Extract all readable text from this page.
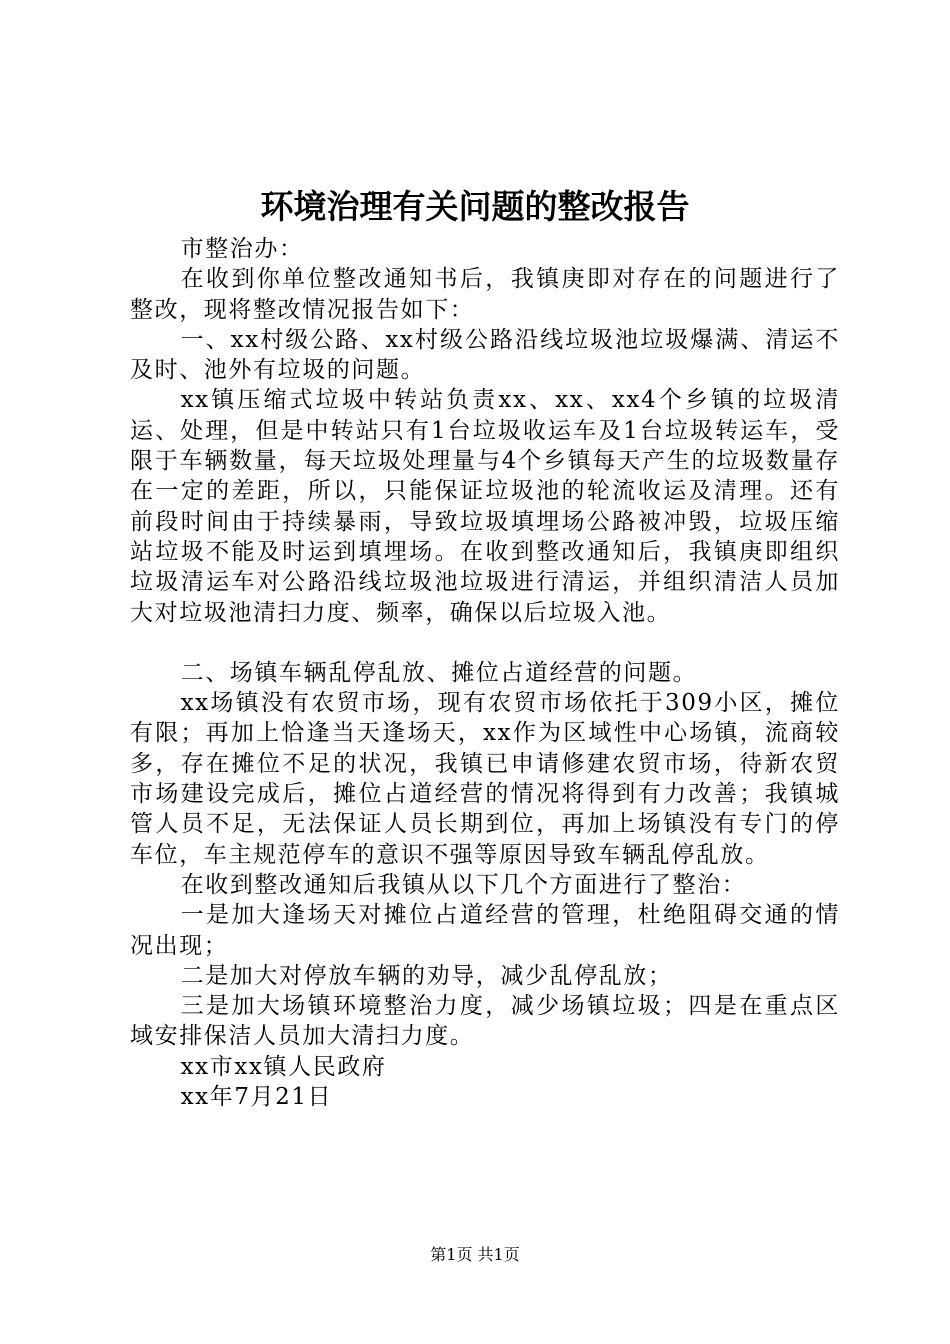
环境治理有关问题的整改报告

市整治办：

在收到你单位整改通知书后，我镇庚即对存在的问题进行了整改，现将整改情况报告如下：

一、xx村级公路、xx村级公路沿线垃圾池垃圾爆满、清运不及时、池外有垃圾的问题。

xx镇压缩式垃圾中转站负责xx、xx、xx4个乡镇的垃圾清运、处理，但是中转站只有1台垃圾收运车及1台垃圾转运车，受限于车辆数量，每天垃圾处理量与4个乡镇每天产生的垃圾数量存在一定的差距，所以，只能保证垃圾池的轮流收运及清理。还有前段时间由于持续暴雨，导致垃圾填埋场公路被冲毁，垃圾压缩站垃圾不能及时运到填埋场。在收到整改通知后，我镇庚即组织垃圾清运车对公路沿线垃圾池垃圾进行清运，并组织清洁人员加大对垃圾池清扫力度、频率，确保以后垃圾入池。

二、场镇车辆乱停乱放、摊位占道经营的问题。

xx场镇没有农贸市场，现有农贸市场依托于309小区，摊位有限；再加上恰逢当天逢场天，xx作为区域性中心场镇，流商较多，存在摊位不足的状况，我镇已申请修建农贸市场，待新农贸市场建设完成后，摊位占道经营的情况将得到有力改善；我镇城管人员不足，无法保证人员长期到位，再加上场镇没有专门的停车位，车主规范停车的意识不强等原因导致车辆乱停乱放。

在收到整改通知后我镇从以下几个方面进行了整治：

一是加大逢场天对摊位占道经营的管理，杜绝阻碍交通的情况出现；

二是加大对停放车辆的劝导，减少乱停乱放；

三是加大场镇环境整治力度，减少场镇垃圾；四是在重点区域安排保洁人员加大清扫力度。

xx市xx镇人民政府

xx年7月21日

第1页 共1页
